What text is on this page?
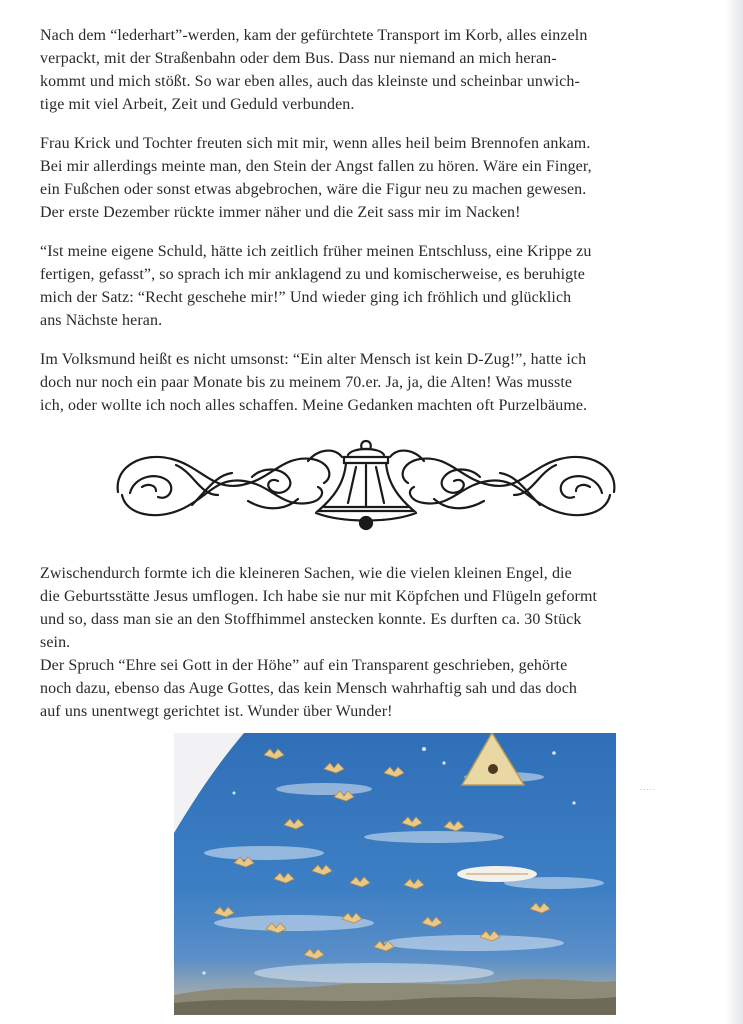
Nach dem “lederhart”-werden, kam der gefürchtete Transport im Korb, alles einzeln
verpackt, mit der Straßenbahn oder dem Bus. Dass nur niemand an mich heran-
kommt und mich stößt. So war eben alles, auch das kleinste und scheinbar unwich-
tige mit viel Arbeit, Zeit und Geduld verbunden.
Frau Krick und Tochter freuten sich mit mir, wenn alles heil beim Brennofen ankam.
Bei mir allerdings meinte man, den Stein der Angst fallen zu hören. Wäre ein Finger,
ein Fußchen oder sonst etwas abgebrochen, wäre die Figur neu zu machen gewesen.
Der erste Dezember rückte immer näher und die Zeit sass mir im Nacken!
“Ist meine eigene Schuld, hätte ich zeitlich früher meinen Entschluss, eine Krippe zu
fertigen, gefasst”, so sprach ich mir anklagend zu und komischerweise, es beruhigte
mich der Satz: “Recht geschehe mir!” Und wieder ging ich fröhlich und glücklich
ans Nächste heran.
Im Volksmund heißt es nicht umsonst: “Ein alter Mensch ist kein D-Zug!”, hatte ich
doch nur noch ein paar Monate bis zu meinem 70.er. Ja, ja, die Alten! Was musste
ich, oder wollte ich noch alles schaffen. Meine Gedanken machten oft Purzelbäume.
Zwischendurch formte ich die kleineren Sachen, wie die vielen kleinen Engel, die
die Geburtsstätte Jesus umflogen. Ich habe sie nur mit Köpfchen und Flügeln geformt
und so, dass man sie an den Stoffhimmel anstecken konnte. Es durften ca. 30 Stück
sein.
Der Spruch “Ehre sei Gott in der Höhe” auf ein Transparent geschrieben, gehörte
noch dazu, ebenso das Auge Gottes, das kein Mensch wahrhaftig sah und das doch
auf uns unentwegt gerichtet ist. Wunder über Wunder!
.....
